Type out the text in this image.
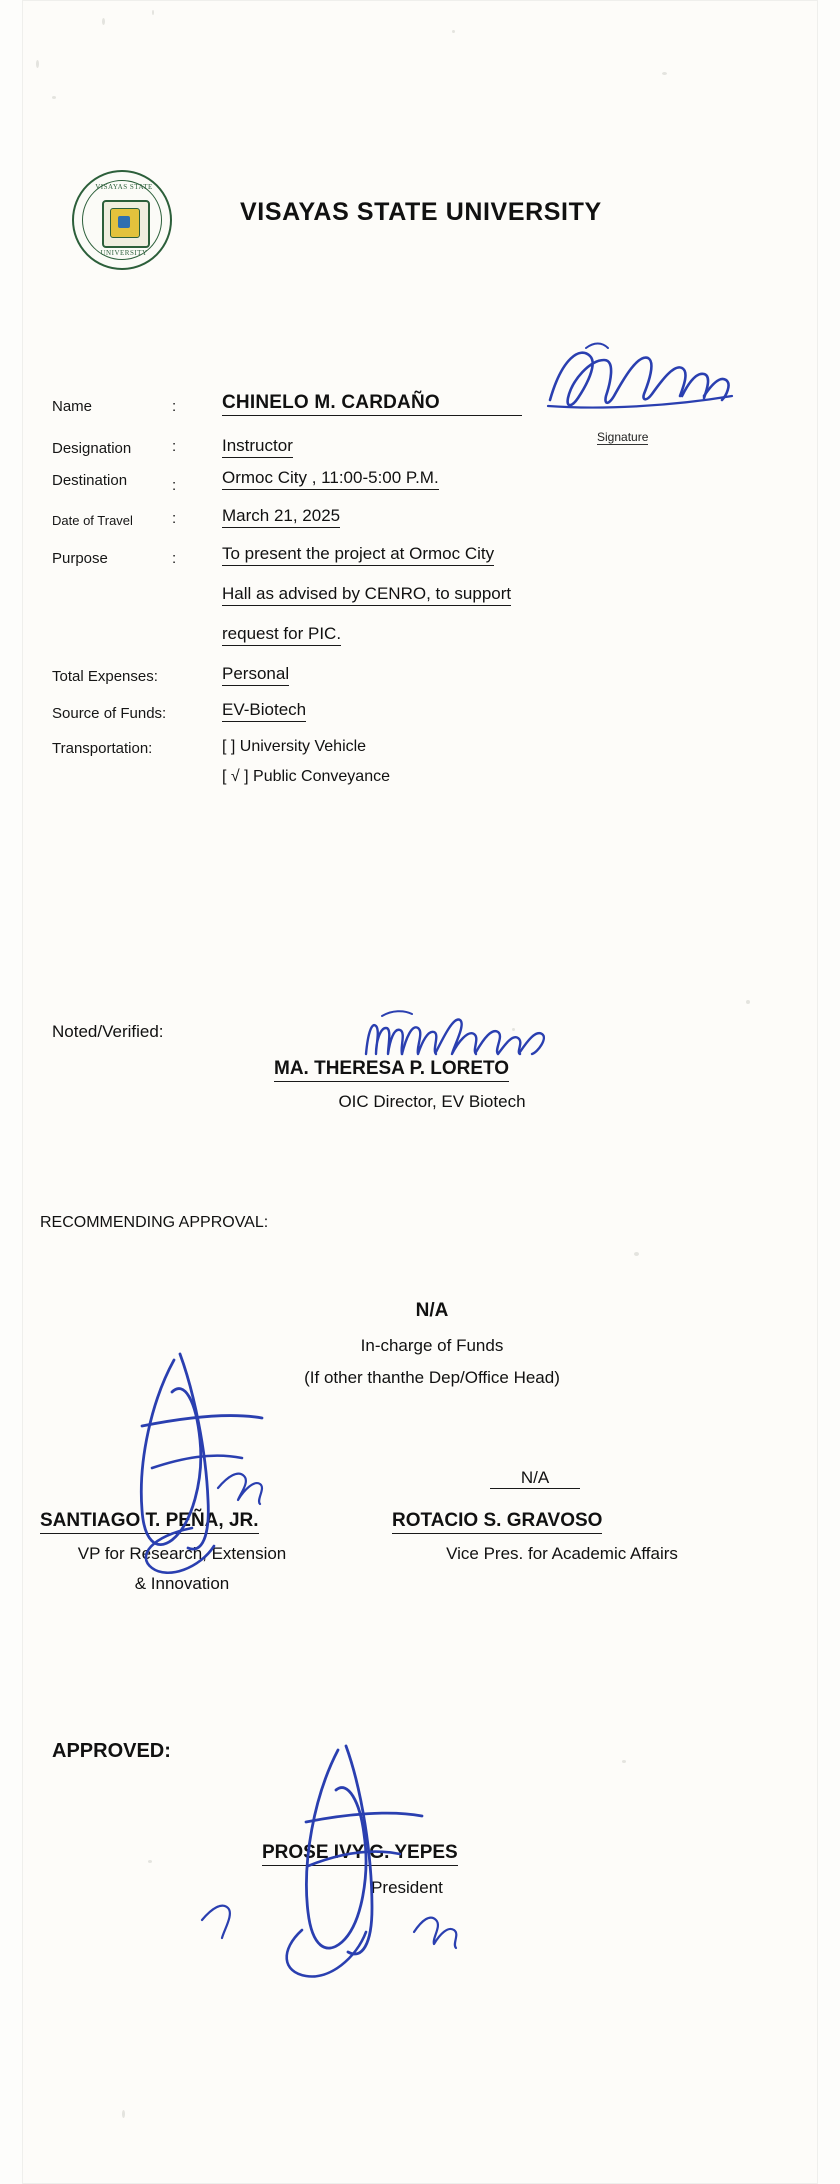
VISAYAS STATE
UNIVERSITY
VISAYAS STATE UNIVERSITY
Name	: CHINELO M. CARDAÑO
Signature
Designation	:	Instructor
Destination	:	Ormoc City , 11:00-5:00 P.M.
Date of Travel	:	March 21, 2025
Purpose	:	To present the project at Ormoc City
Hall as advised by CENRO, to support
request for PIC.
Total Expenses:	Personal
Source of Funds:	EV-Biotech
Transportation:	[ ] University Vehicle
[ √ ] Public Conveyance
Noted/Verified:
MA. THERESA P. LORETO
OIC Director, EV Biotech
RECOMMENDING APPROVAL:
N/A
In-charge of Funds
(If other thanthe Dep/Office Head)
SANTIAGO T. PEÑA, JR.
VP for Research, Extension
& Innovation
N/A
ROTACIO S. GRAVOSO
Vice Pres. for Academic Affairs
APPROVED:
PROSE IVY G. YEPES
President
